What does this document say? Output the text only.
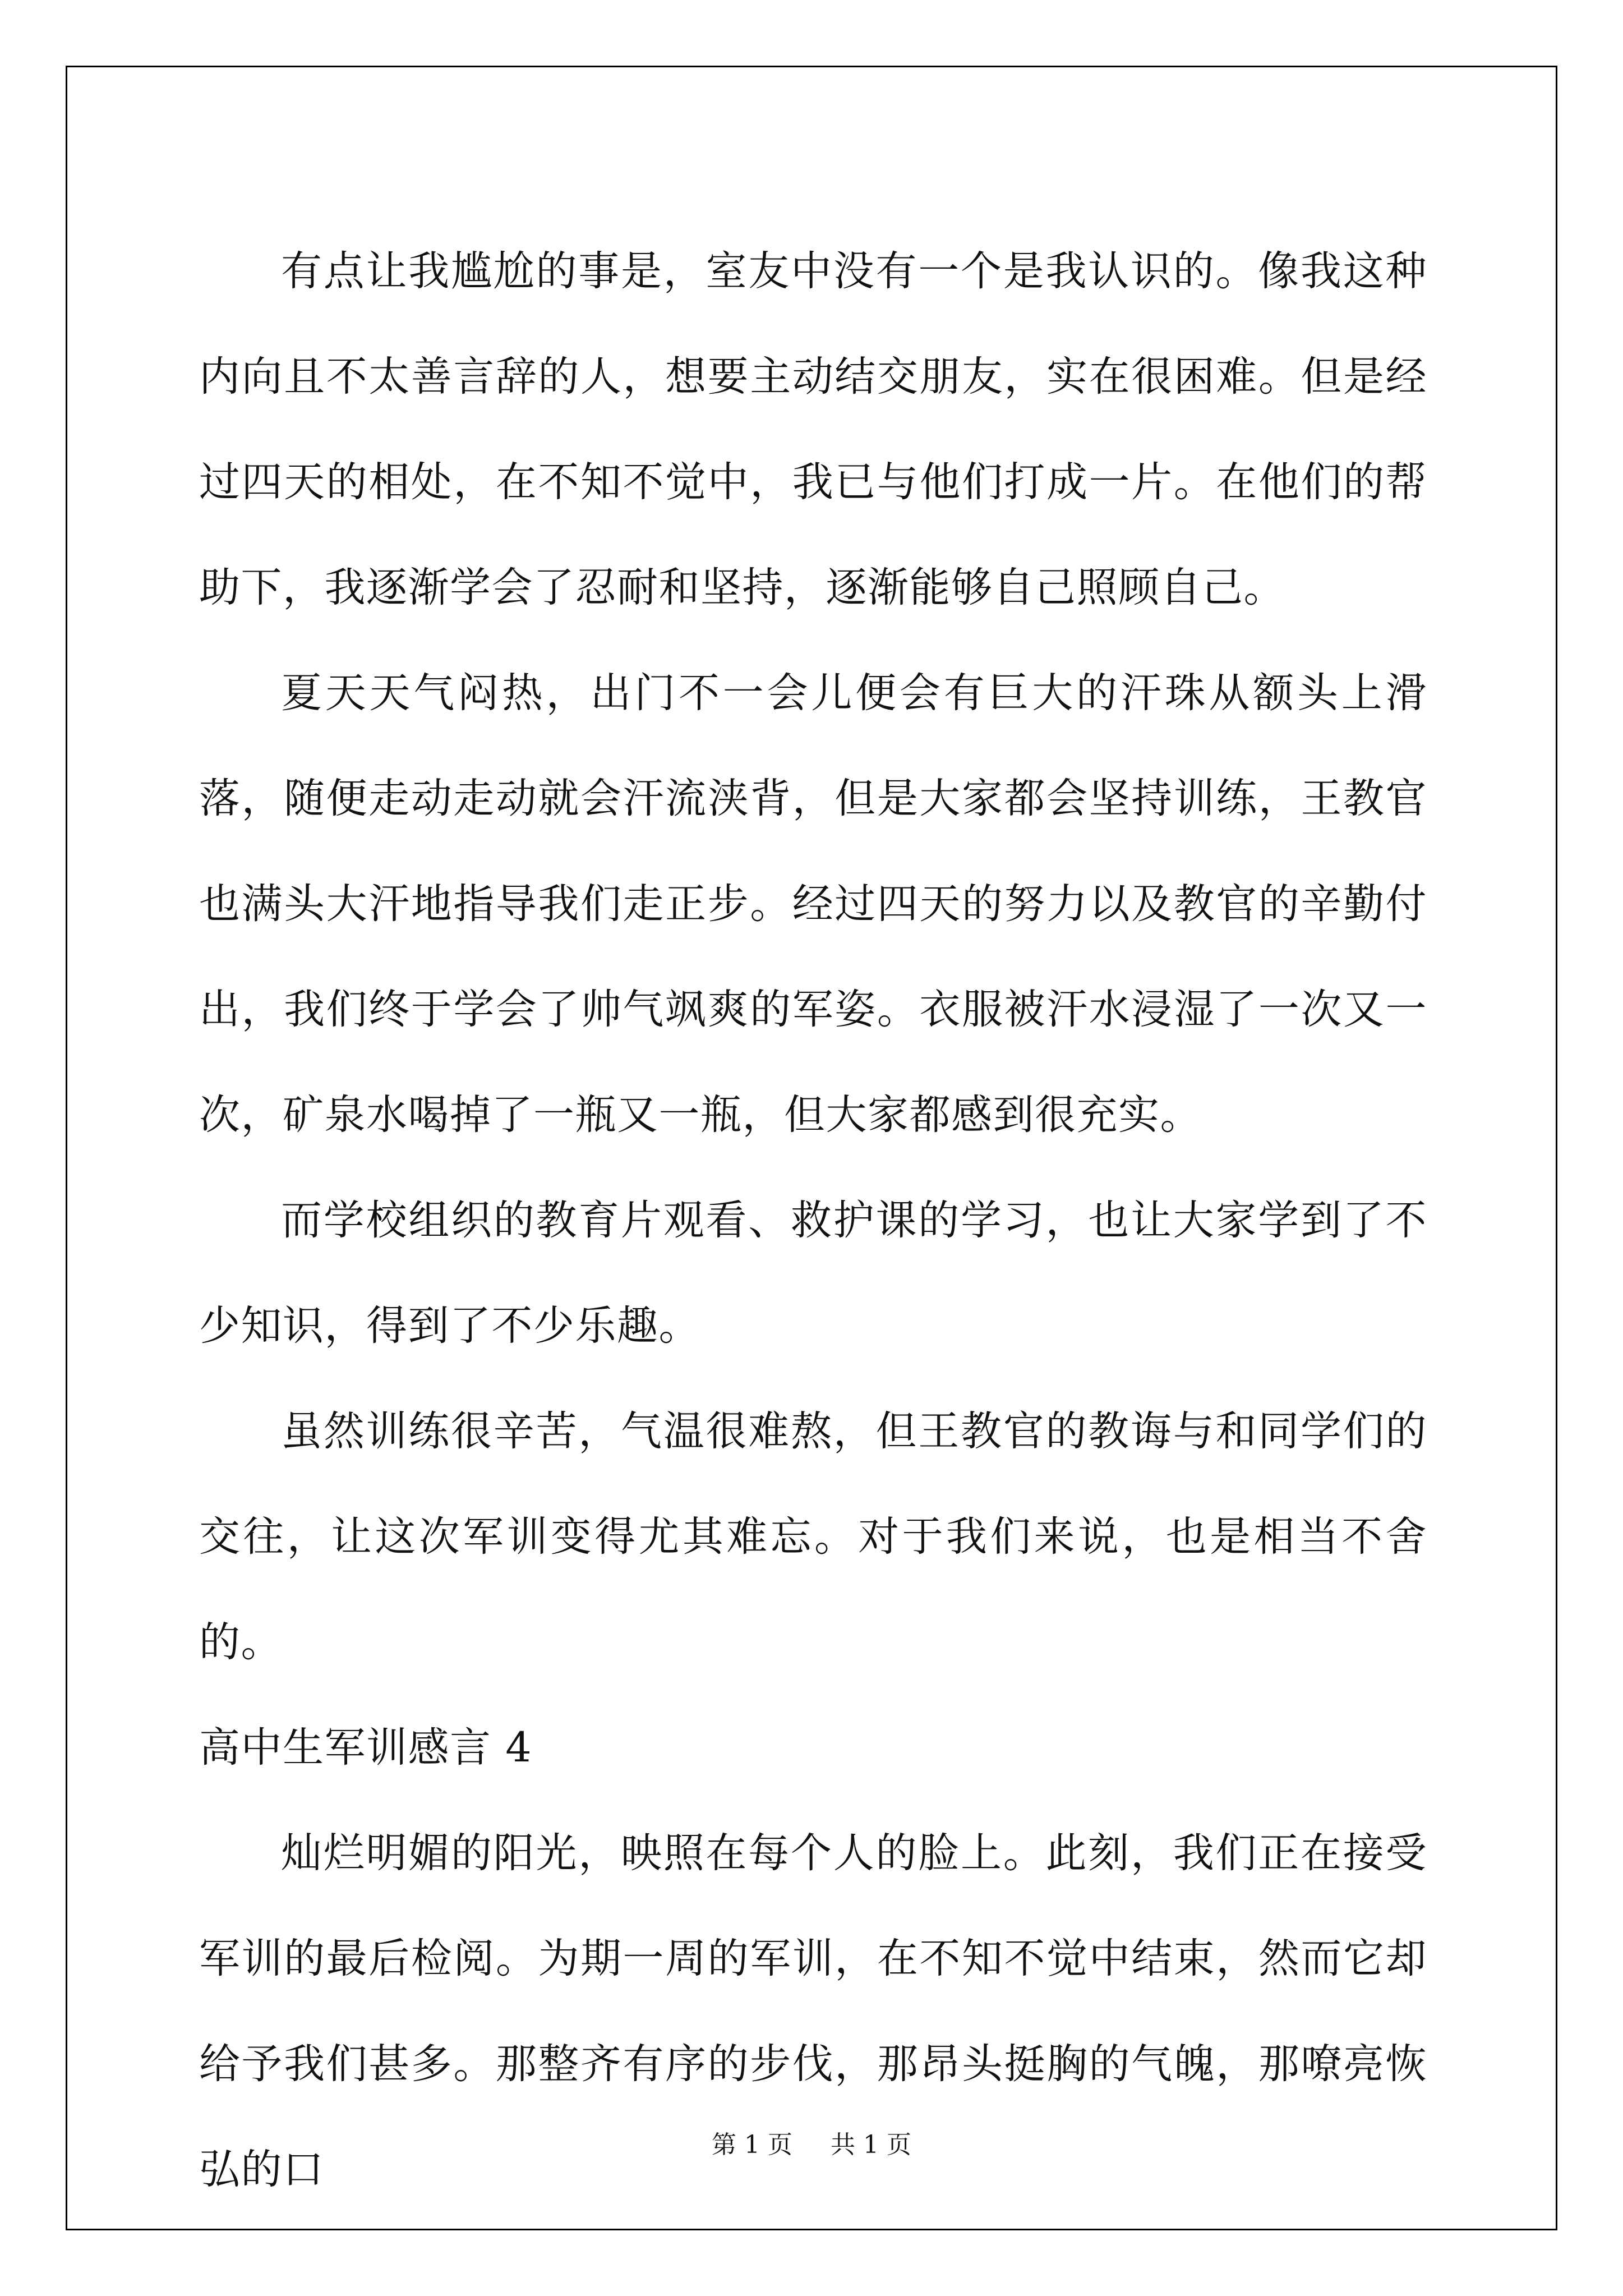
有点让我尴尬的事是，室友中没有一个是我认识的。像我这种内向且不太善言辞的人，想要主动结交朋友，实在很困难。但是经过四天的相处，在不知不觉中，我已与他们打成一片。在他们的帮助下，我逐渐学会了忍耐和坚持，逐渐能够自己照顾自己。

夏天天气闷热，出门不一会儿便会有巨大的汗珠从额头上滑落，随便走动走动就会汗流浃背，但是大家都会坚持训练，王教官也满头大汗地指导我们走正步。经过四天的努力以及教官的辛勤付出，我们终于学会了帅气飒爽的军姿。衣服被汗水浸湿了一次又一次，矿泉水喝掉了一瓶又一瓶，但大家都感到很充实。

而学校组织的教育片观看、救护课的学习，也让大家学到了不少知识，得到了不少乐趣。

虽然训练很辛苦，气温很难熬，但王教官的教诲与和同学们的交往，让这次军训变得尤其难忘。对于我们来说，也是相当不舍的。

高中生军训感言 4

灿烂明媚的阳光，映照在每个人的脸上。此刻，我们正在接受军训的最后检阅。为期一周的军训，在不知不觉中结束，然而它却给予我们甚多。那整齐有序的步伐，那昂头挺胸的气魄，那嘹亮恢弘的口

第 1 页 共 1 页
